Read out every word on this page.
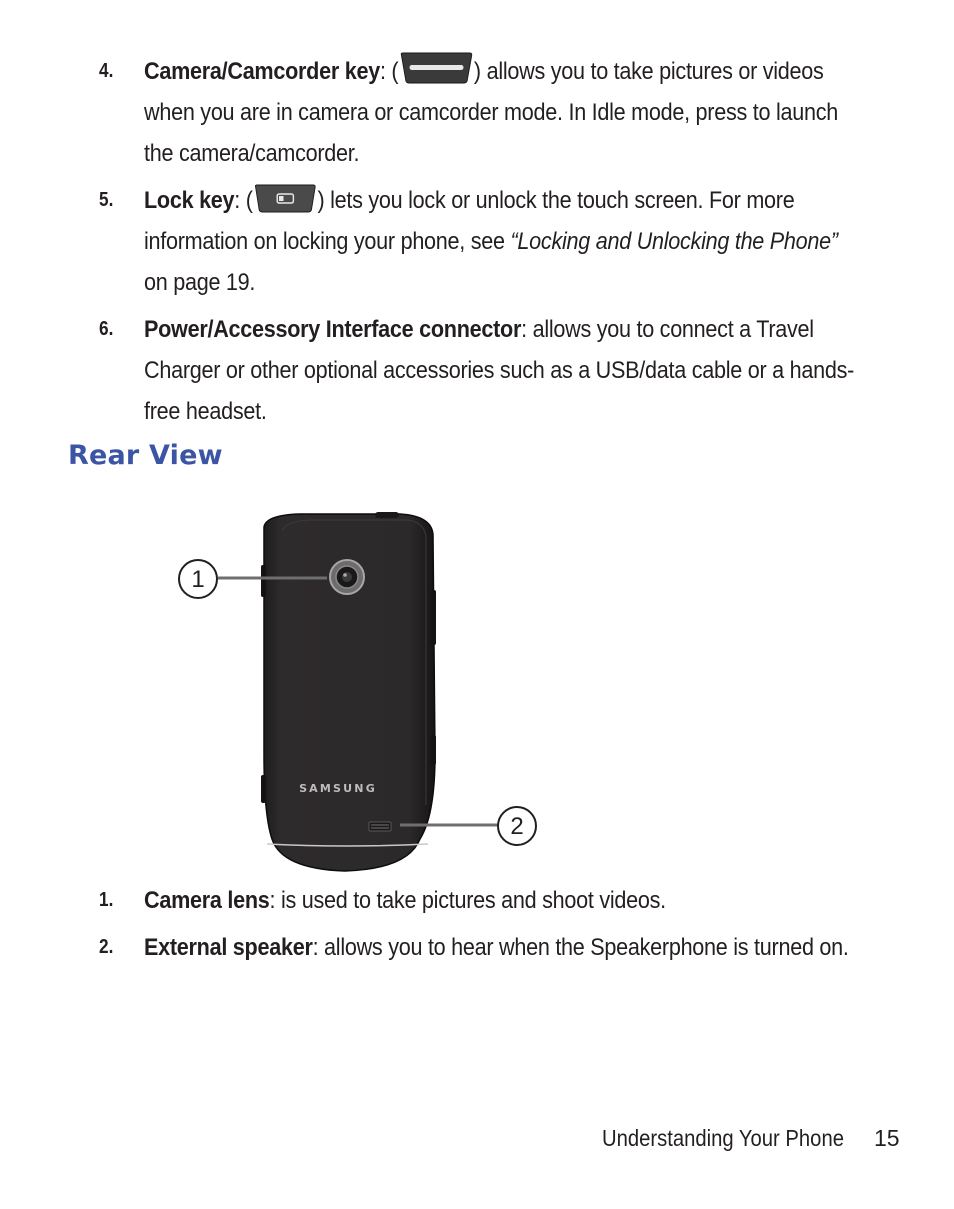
4. Camera/Camcorder key: (	) allows you to take pictures or videos when you are in camera or camcorder mode. In Idle mode, press to launch the camera/camcorder.
5. Lock key: (	) lets you lock or unlock the touch screen. For more information on locking your phone, see “Locking and Unlocking the Phone” on page 19.
6. Power/Accessory Interface connector: allows you to connect a Travel Charger or other optional accessories such as a USB/data cable or a hands-free headset.
Rear View
SAMSUNG
1
2
1. Camera lens: is used to take pictures and shoot videos.
2. External speaker: allows you to hear when the Speakerphone is turned on.
Understanding Your Phone 15
